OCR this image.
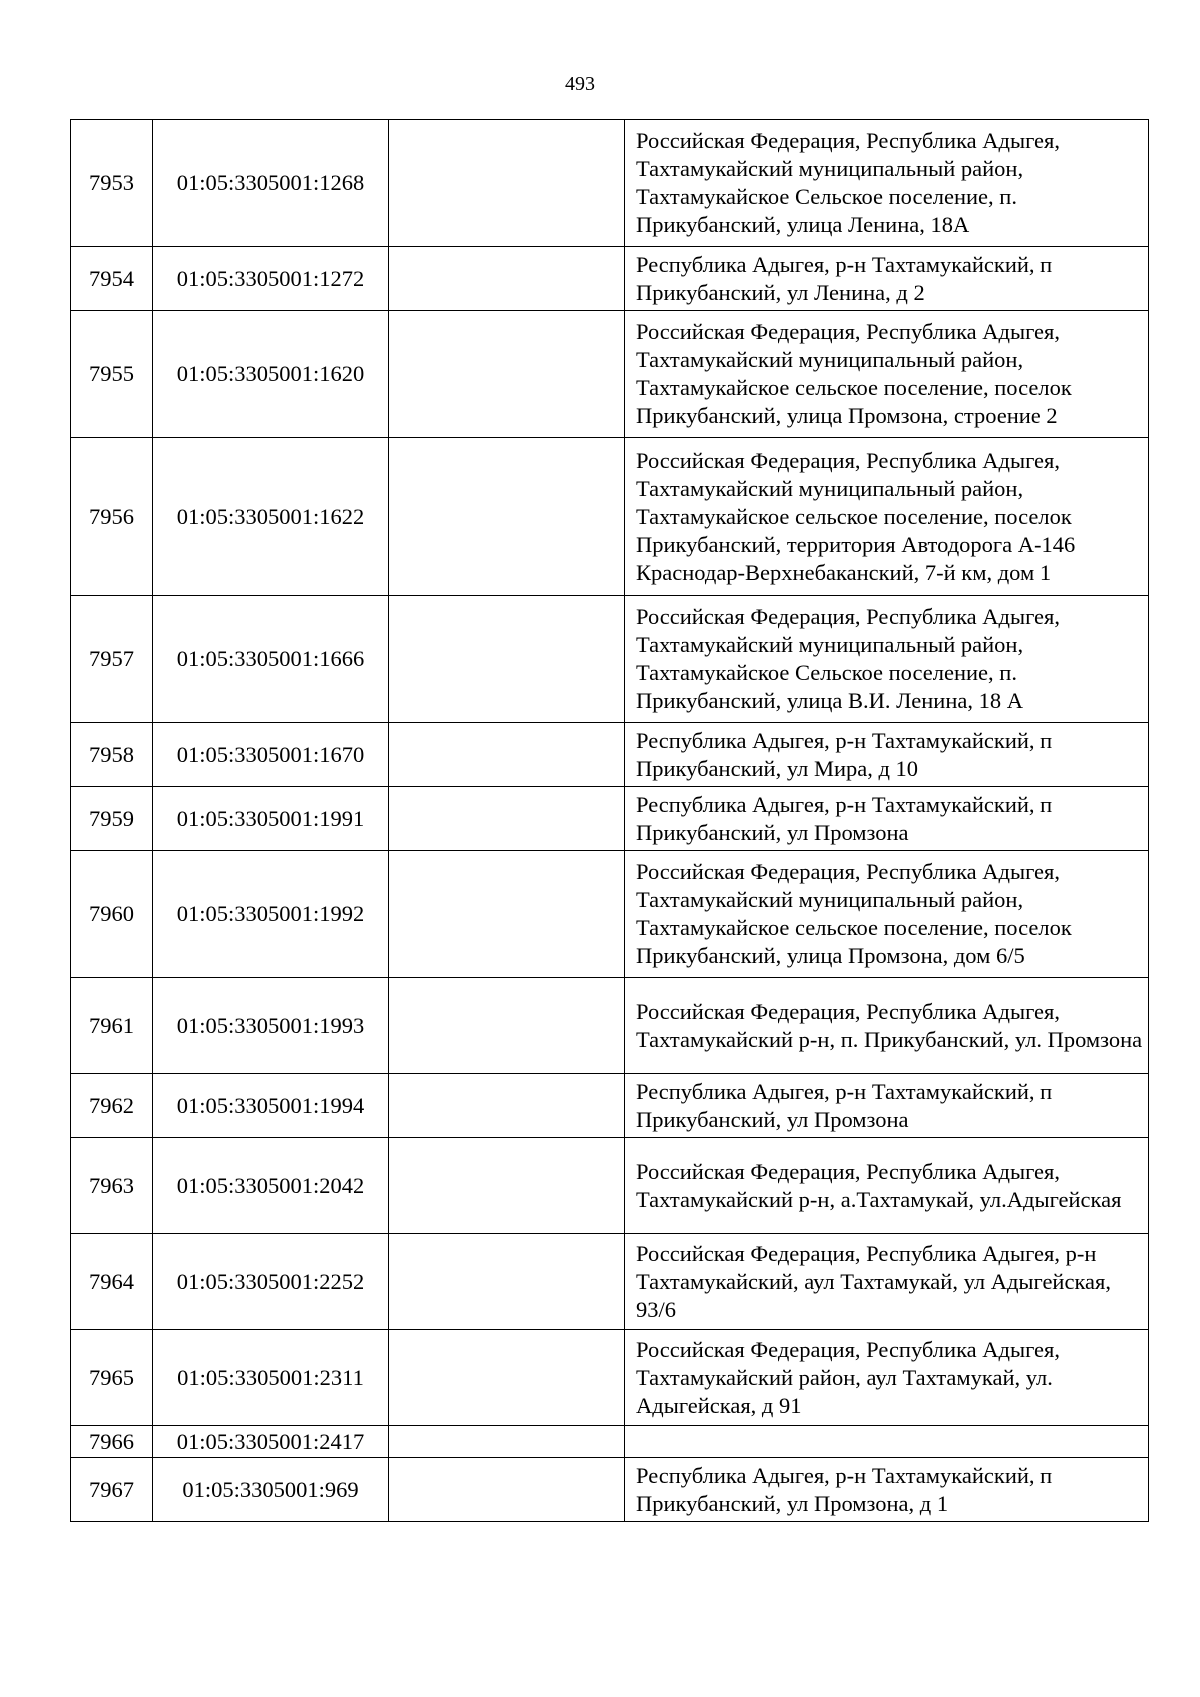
493
7953	01:05:3305001:1268		Российская Федерация, Республика Адыгея, Тахтамукайский муниципальный район, Тахтамукайское Сельское поселение, п. Прикубанский, улица Ленина, 18А
7954	01:05:3305001:1272		Республика Адыгея, р-н Тахтамукайский, п Прикубанский, ул Ленина, д 2
7955	01:05:3305001:1620		Российская Федерация, Республика Адыгея, Тахтамукайский муниципальный район, Тахтамукайское сельское поселение, поселок Прикубанский, улица Промзона, строение 2
7956	01:05:3305001:1622		Российская Федерация, Республика Адыгея, Тахтамукайский муниципальный район, Тахтамукайское сельское поселение, поселок Прикубанский, территория Автодорога А-146 Краснодар-Верхнебаканский, 7-й км, дом 1
7957	01:05:3305001:1666		Российская Федерация, Республика Адыгея, Тахтамукайский муниципальный район, Тахтамукайское Сельское поселение, п. Прикубанский, улица В.И. Ленина, 18 А
7958	01:05:3305001:1670		Республика Адыгея, р-н Тахтамукайский, п Прикубанский, ул Мира, д 10
7959	01:05:3305001:1991		Республика Адыгея, р-н Тахтамукайский, п Прикубанский, ул Промзона
7960	01:05:3305001:1992		Российская Федерация, Республика Адыгея, Тахтамукайский муниципальный район, Тахтамукайское сельское поселение, поселок Прикубанский, улица Промзона, дом 6/5
7961	01:05:3305001:1993		Российская Федерация, Республика Адыгея, Тахтамукайский р-н, п. Прикубанский, ул. Промзона
7962	01:05:3305001:1994		Республика Адыгея, р-н Тахтамукайский, п Прикубанский, ул Промзона
7963	01:05:3305001:2042		Российская Федерация, Республика Адыгея, Тахтамукайский р-н, а.Тахтамукай, ул.Адыгейская
7964	01:05:3305001:2252		Российская Федерация, Республика Адыгея, р-н Тахтамукайский, аул Тахтамукай, ул Адыгейская, 93/6
7965	01:05:3305001:2311		Российская Федерация, Республика Адыгея, Тахтамукайский район, аул Тахтамукай, ул. Адыгейская, д 91
7966	01:05:3305001:2417		
7967	01:05:3305001:969		Республика Адыгея, р-н Тахтамукайский, п Прикубанский, ул Промзона, д 1
